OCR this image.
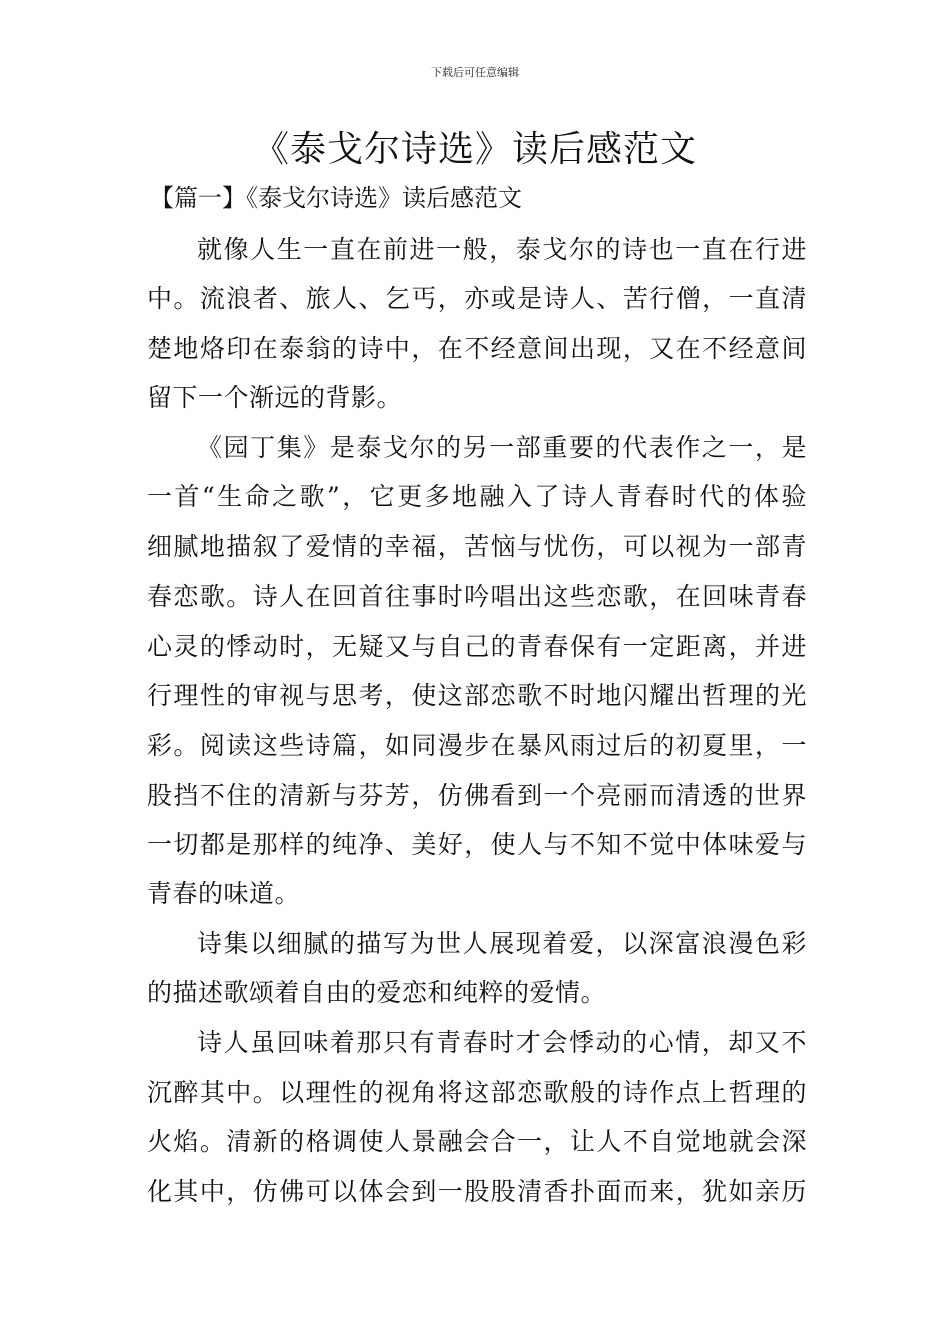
下载后可任意编辑
《泰戈尔诗选》读后感范文
【篇一】《泰戈尔诗选》读后感范文
就像人生一直在前进一般，泰戈尔的诗也一直在行进
中。流浪者、旅人、乞丐，亦或是诗人、苦行僧，一直清
楚地烙印在泰翁的诗中，在不经意间出现，又在不经意间
留下一个渐远的背影。
《园丁集》是泰戈尔的另一部重要的代表作之一，是
一首“生命之歌”，它更多地融入了诗人青春时代的体验
细腻地描叙了爱情的幸福，苦恼与忧伤，可以视为一部青
春恋歌。诗人在回首往事时吟唱出这些恋歌，在回味青春
心灵的悸动时，无疑又与自己的青春保有一定距离，并进
行理性的审视与思考，使这部恋歌不时地闪耀出哲理的光
彩。阅读这些诗篇，如同漫步在暴风雨过后的初夏里，一
股挡不住的清新与芬芳，仿佛看到一个亮丽而清透的世界
一切都是那样的纯净、美好，使人与不知不觉中体味爱与
青春的味道。
诗集以细腻的描写为世人展现着爱，以深富浪漫色彩
的描述歌颂着自由的爱恋和纯粹的爱情。
诗人虽回味着那只有青春时才会悸动的心情，却又不
沉醉其中。以理性的视角将这部恋歌般的诗作点上哲理的
火焰。清新的格调使人景融会合一，让人不自觉地就会深
化其中，仿佛可以体会到一股股清香扑面而来，犹如亲历
